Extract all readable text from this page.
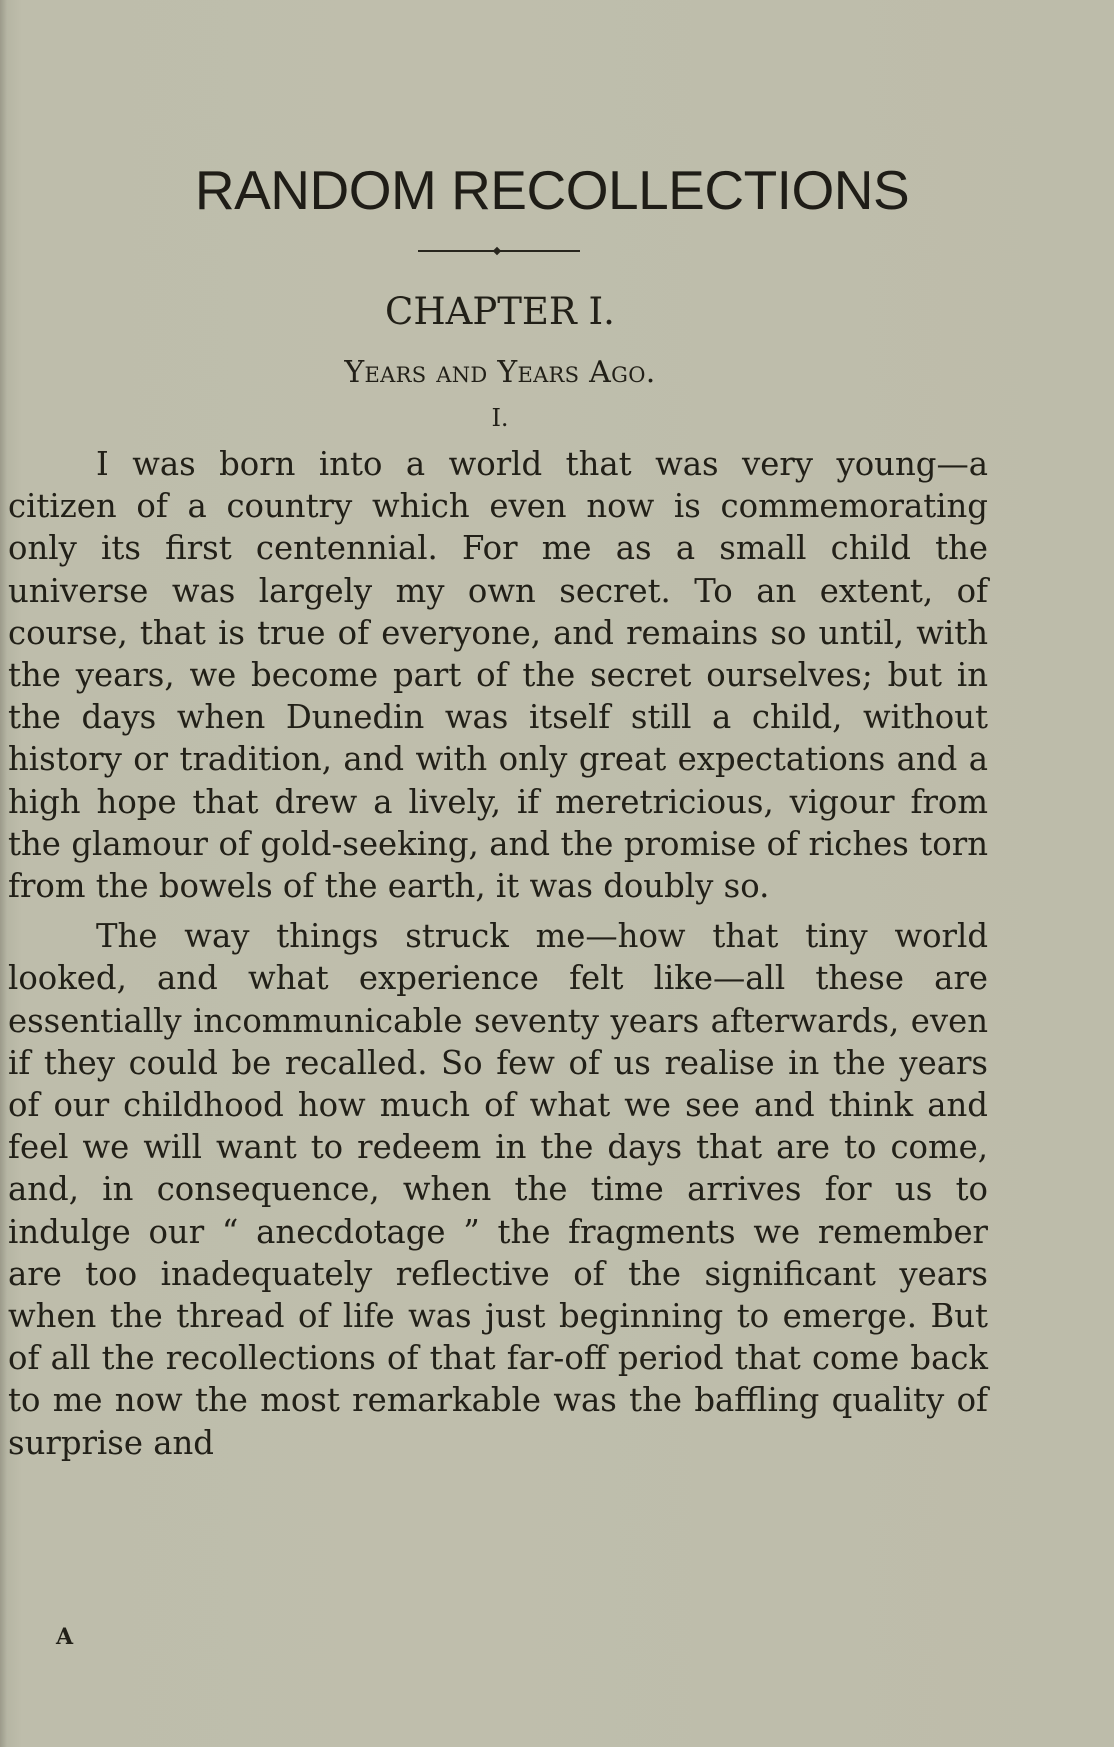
RANDOM RECOLLECTIONS
CHAPTER I.
Years and Years Ago.
I.

I was born into a world that was very young—a citizen of a country which even now is commemorating only its first centennial. For me as a small child the universe was largely my own secret. To an extent, of course, that is true of everyone, and remains so until, with the years, we become part of the secret ourselves; but in the days when Dunedin was itself still a child, without history or tradition, and with only great expectations and a high hope that drew a lively, if meretricious, vigour from the glamour of gold-seeking, and the promise of riches torn from the bowels of the earth, it was doubly so.

The way things struck me—how that tiny world looked, and what experience felt like—all these are essentially incommunicable seventy years afterwards, even if they could be recalled. So few of us realise in the years of our childhood how much of what we see and think and feel we will want to redeem in the days that are to come, and, in consequence, when the time arrives for us to indulge our “ anecdotage ” the fragments we remember are too inadequately reflective of the significant years when the thread of life was just beginning to emerge. But of all the recollections of that far-off period that come back to me now the most remarkable was the baffling quality of surprise and

A
